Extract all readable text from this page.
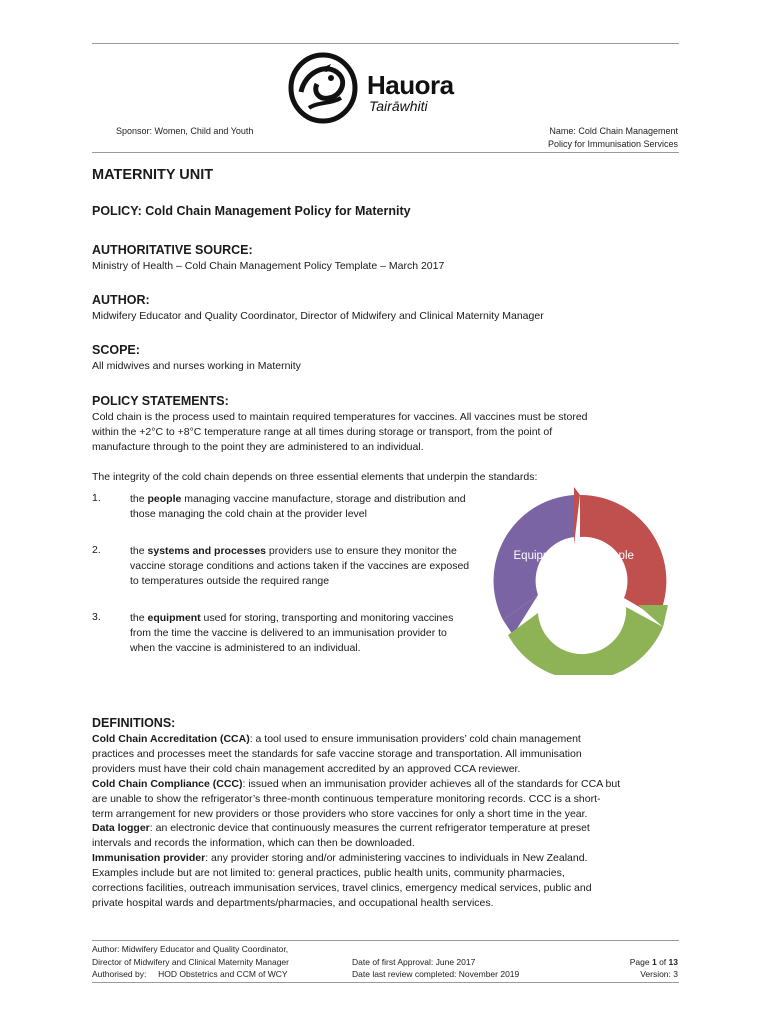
Hauora
Tairāwhiti
Sponsor: Women, Child and Youth	Name: Cold Chain Management
Policy for Immunisation Services
MATERNITY UNIT
POLICY: Cold Chain Management Policy for Maternity
AUTHORITATIVE SOURCE:
Ministry of Health – Cold Chain Management Policy Template – March 2017
AUTHOR:
Midwifery Educator and Quality Coordinator, Director of Midwifery and Clinical Maternity Manager
SCOPE:
All midwives and nurses working in Maternity
POLICY STATEMENTS:
Cold chain is the process used to maintain required temperatures for vaccines. All vaccines must be stored
within the +2°C to +8°C temperature range at all times during storage or transport, from the point of
manufacture through to the point they are administered to an individual.
The integrity of the cold chain depends on three essential elements that underpin the standards:
1.	the people managing vaccine manufacture, storage and distribution and those managing the cold chain at the provider level
2.	the systems and processes providers use to ensure they monitor the vaccine storage conditions and actions taken if the vaccines are exposed to temperatures outside the required range
3.	the equipment used for storing, transporting and monitoring vaccines from the time the vaccine is delivered to an immunisation provider to when the vaccine is administered to an individual.
Equipment	People
Systems &
Processes
DEFINITIONS:
Cold Chain Accreditation (CCA): a tool used to ensure immunisation providers’ cold chain management
practices and processes meet the standards for safe vaccine storage and transportation. All immunisation
providers must have their cold chain management accredited by an approved CCA reviewer.
Cold Chain Compliance (CCC): issued when an immunisation provider achieves all of the standards for CCA but
are unable to show the refrigerator’s three-month continuous temperature monitoring records. CCC is a short-
term arrangement for new providers or those providers who store vaccines for only a short time in the year.
Data logger: an electronic device that continuously measures the current refrigerator temperature at preset
intervals and records the information, which can then be downloaded.
Immunisation provider: any provider storing and/or administering vaccines to individuals in New Zealand.
Examples include but are not limited to: general practices, public health units, community pharmacies,
corrections facilities, outreach immunisation services, travel clinics, emergency medical services, public and
private hospital wards and departments/pharmacies, and occupational health services.
Author: Midwifery Educator and Quality Coordinator,
Director of Midwifery and Clinical Maternity Manager
Authorised by:     HOD Obstetrics and CCM of WCY
Date of first Approval: June 2017
Date last review completed: November 2019
Page 1 of 13
Version: 3
